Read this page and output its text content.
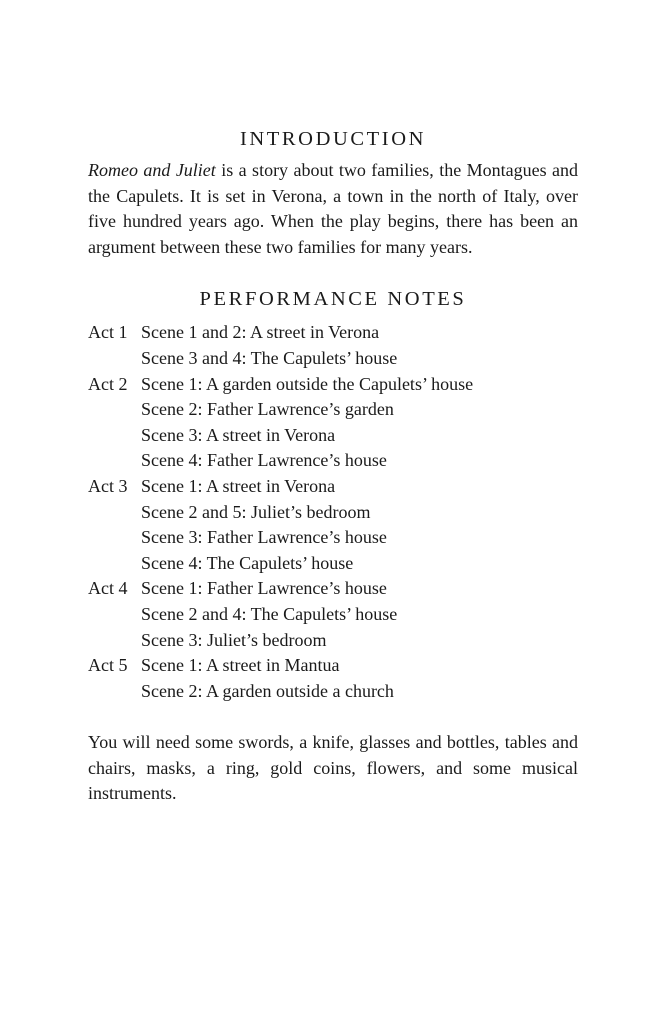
INTRODUCTION

Romeo and Juliet is a story about two families, the Montagues and the Capulets. It is set in Verona, a town in the north of Italy, over five hundred years ago. When the play begins, there has been an argument between these two families for many years.

PERFORMANCE NOTES
Act 1 Scene 1 and 2: A street in Verona
Scene 3 and 4: The Capulets’ house
Act 2 Scene 1: A garden outside the Capulets’ house
Scene 2: Father Lawrence’s garden
Scene 3: A street in Verona
Scene 4: Father Lawrence’s house
Act 3 Scene 1: A street in Verona
Scene 2 and 5: Juliet’s bedroom
Scene 3: Father Lawrence’s house
Scene 4: The Capulets’ house
Act 4 Scene 1: Father Lawrence’s house
Scene 2 and 4: The Capulets’ house
Scene 3: Juliet’s bedroom
Act 5 Scene 1: A street in Mantua
Scene 2: A garden outside a church

You will need some swords, a knife, glasses and bottles, tables and chairs, masks, a ring, gold coins, flowers, and some musical instruments.
